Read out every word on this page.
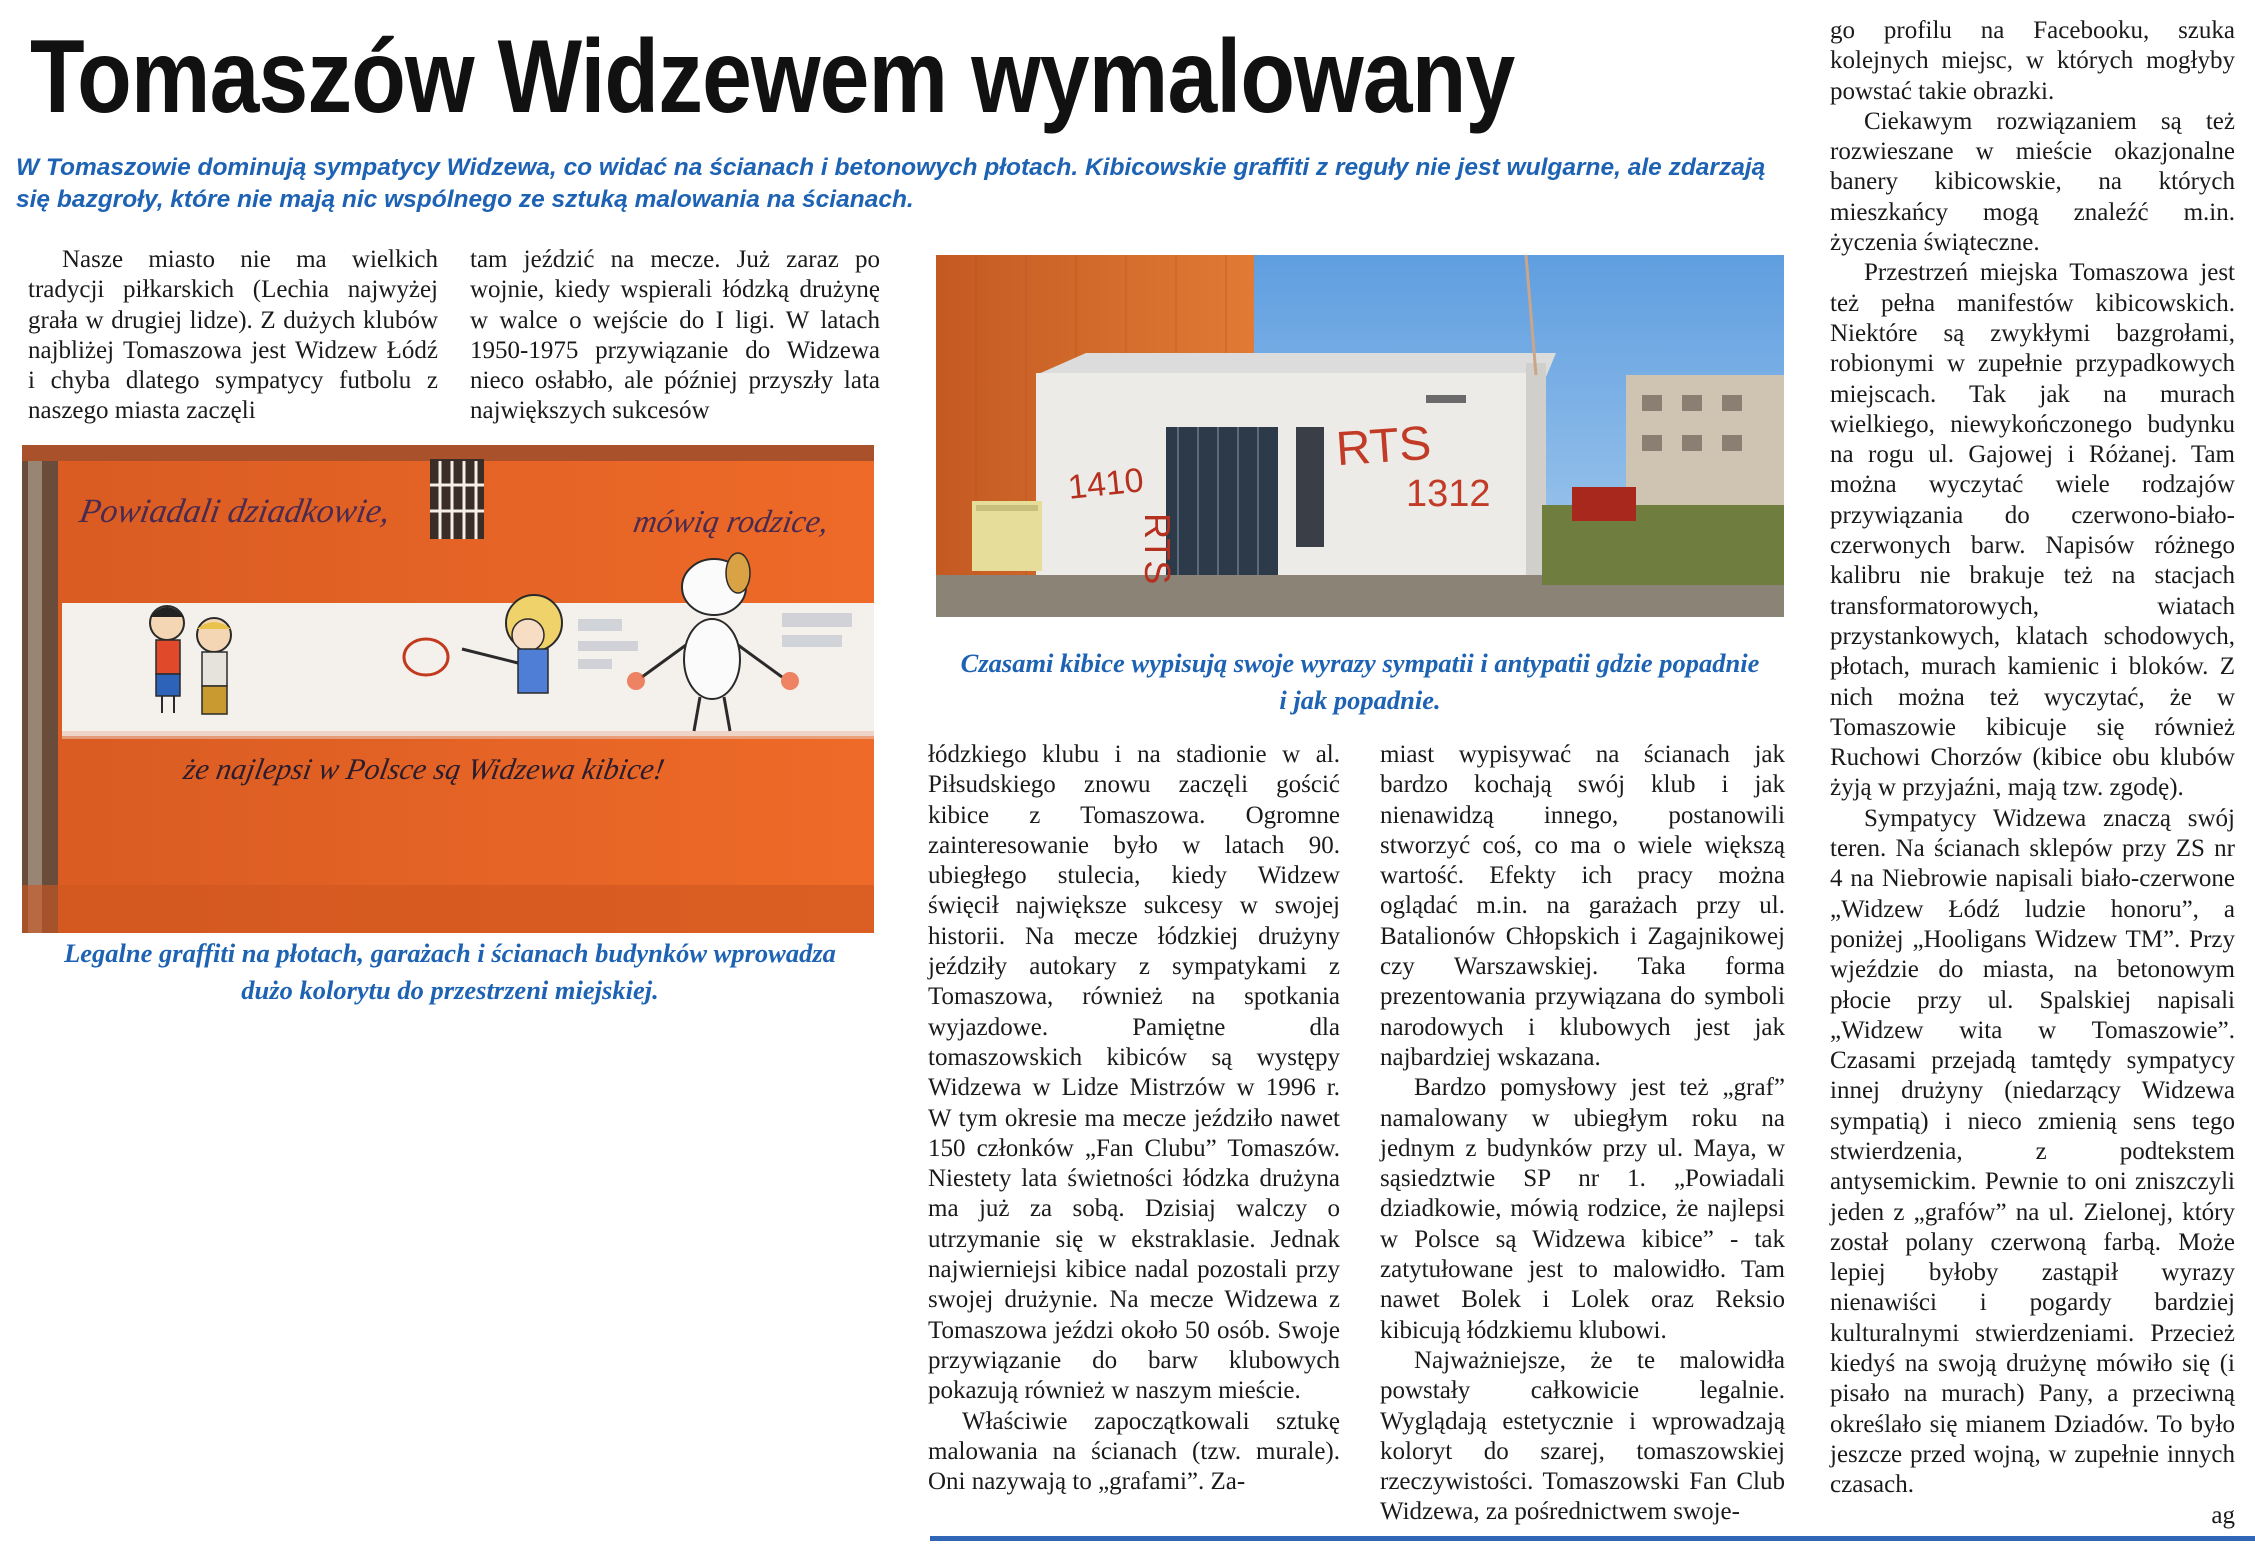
Tomaszów Widzewem wymalowany
W Tomaszowie dominują sympatycy Widzewa, co widać na ścianach i betonowych płotach. Kibicowskie graffiti z reguły nie jest wulgarne, ale zdarzają się bazgroły, które nie mają nic wspólnego ze sztuką malowania na ścianach.

Nasze miasto nie ma wielkich tradycji piłkarskich (Lechia najwyżej grała w drugiej lidze). Z dużych klubów najbliżej Tomaszowa jest Widzew Łódź i chyba dlatego sympatycy futbolu z naszego miasta zaczęli

tam jeździć na mecze. Już zaraz po wojnie, kiedy wspierali łódzką drużynę w walce o wejście do I ligi. W latach 1950-1975 przywiązanie do Widzewa nieco osłabło, ale później przyszły lata największych sukcesów

Powiadali dziadkowie,	mówią rodzice,
że najlepsi w Polsce są Widzewa kibice!
Legalne graffiti na płotach, garażach i ścianach budynków wprowadza dużo kolorytu do przestrzeni miejskiej.
1410
RTS
RTS
1312
Czasami kibice wypisują swoje wyrazy sympatii i antypatii gdzie popadnie i jak popadnie.

łódzkiego klubu i na stadionie w al. Piłsudskiego znowu zaczęli gościć kibice z Tomaszowa. Ogromne zainteresowanie było w latach 90. ubiegłego stulecia, kiedy Widzew święcił największe sukcesy w swojej historii. Na mecze łódzkiej drużyny jeździły autokary z sympatykami z Tomaszowa, również na spotkania wyjazdowe. Pamiętne dla tomaszowskich kibiców są występy Widzewa w Lidze Mistrzów w 1996 r. W tym okresie ma mecze jeździło nawet 150 członków „Fan Clubu” Tomaszów. Niestety lata świetności łódzka drużyna ma już za sobą. Dzisiaj walczy o utrzymanie się w ekstraklasie. Jednak najwierniejsi kibice nadal pozostali przy swojej drużynie. Na mecze Widzewa z Tomaszowa jeździ około 50 osób. Swoje przywiązanie do barw klubowych pokazują również w naszym mieście.

Właściwie zapoczątkowali sztukę malowania na ścianach (tzw. murale). Oni nazywają to „grafami”. Za-

miast wypisywać na ścianach jak bardzo kochają swój klub i jak nienawidzą innego, postanowili stworzyć coś, co ma o wiele większą wartość. Efekty ich pracy można oglądać m.in. na garażach przy ul. Batalionów Chłopskich i Zagajnikowej czy Warszawskiej. Taka forma prezentowania przywiązana do symboli narodowych i klubowych jest jak najbardziej wskazana.

Bardzo pomysłowy jest też „graf” namalowany w ubiegłym roku na jednym z budynków przy ul. Maya, w sąsiedztwie SP nr 1. „Powiadali dziadkowie, mówią rodzice, że najlepsi w Polsce są Widzewa kibice” - tak zatytułowane jest to malowidło. Tam nawet Bolek i Lolek oraz Reksio kibicują łódzkiemu klubowi.

Najważniejsze, że te malowidła powstały całkowicie legalnie. Wyglądają estetycznie i wprowadzają koloryt do szarej, tomaszowskiej rzeczywistości. Tomaszowski Fan Club Widzewa, za pośrednictwem swoje-

go profilu na Facebooku, szuka kolejnych miejsc, w których mogłyby powstać takie obrazki.

Ciekawym rozwiązaniem są też rozwieszane w mieście okazjonalne banery kibicowskie, na których mieszkańcy mogą znaleźć m.in. życzenia świąteczne.

Przestrzeń miejska Tomaszowa jest też pełna manifestów kibicowskich. Niektóre są zwykłymi bazgrołami, robionymi w zupełnie przypadkowych miejscach. Tak jak na murach wielkiego, niewykończonego budynku na rogu ul. Gajowej i Różanej. Tam można wyczytać wiele rodzajów przywiązania do czerwono-biało-czerwonych barw. Napisów różnego kalibru nie brakuje też na stacjach transformatorowych, wiatach przystankowych, klatach schodowych, płotach, murach kamienic i bloków. Z nich można też wyczytać, że w Tomaszowie kibicuje się również Ruchowi Chorzów (kibice obu klubów żyją w przyjaźni, mają tzw. zgodę).

Sympatycy Widzewa znaczą swój teren. Na ścianach sklepów przy ZS nr 4 na Niebrowie napisali biało-czerwone „Widzew Łódź ludzie honoru”, a poniżej „Hooligans Widzew TM”. Przy wjeździe do miasta, na betonowym płocie przy ul. Spalskiej napisali „Widzew wita w Tomaszowie”. Czasami przejadą tamtędy sympatycy innej drużyny (niedarzący Widzewa sympatią) i nieco zmienią sens tego stwierdzenia, z podtekstem antysemickim. Pewnie to oni zniszczyli jeden z „grafów” na ul. Zielonej, który został polany czerwoną farbą. Może lepiej byłoby zastąpił wyrazy nienawiści i pogardy bardziej kulturalnymi stwierdzeniami. Przecież kiedyś na swoją drużynę mówiło się (i pisało na murach) Pany, a przeciwną określało się mianem Dziadów. To było jeszcze przed wojną, w zupełnie innych czasach.

ag
